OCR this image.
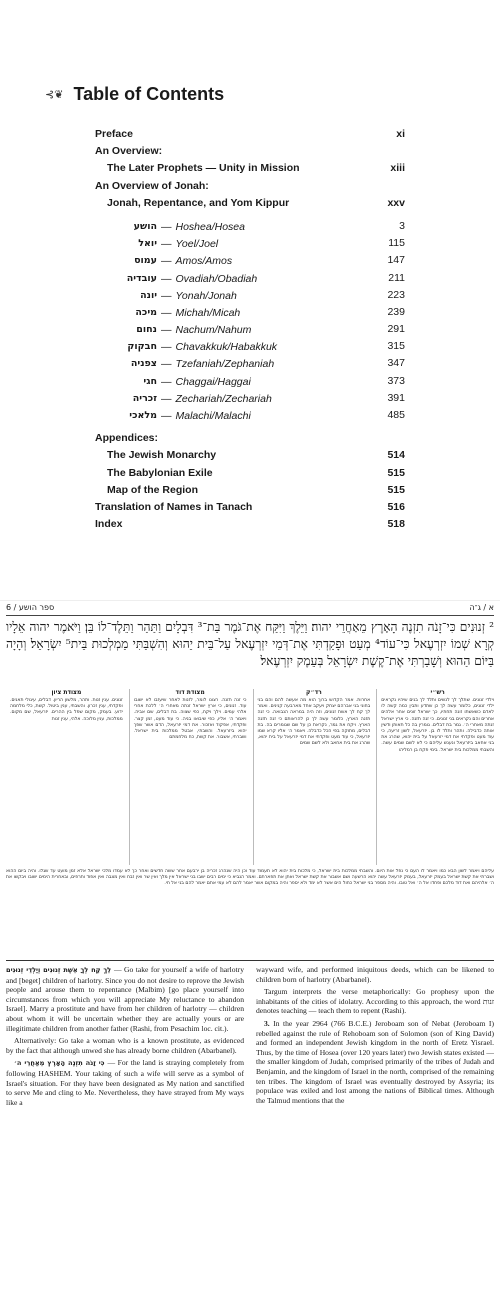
⊰❦ Table of Contents
Preface	xi
An Overview:
The Later Prophets — Unity in Mission	xiii
An Overview of Jonah:
Jonah, Repentance, and Yom Kippur	xxv
הושע — Hoshea/Hosea	3
יואל — Yoel/Joel	115
עמוס — Amos/Amos	147
עובדיה — Ovadiah/Obadiah	211
יונה — Yonah/Jonah	223
מיכה — Michah/Micah	239
נחום — Nachum/Nahum	291
חבקוק — Chavakkuk/Habakkuk	315
צפניה — Tzefaniah/Zephaniah	347
חגי — Chaggai/Haggai	373
זכריה — Zechariah/Zechariah	391
מלאכי — Malachi/Malachi	485
Appendices:
The Jewish Monarchy	514
The Babylonian Exile	515
Map of the Region	515
Translation of Names in Tanach	516
Index	518
6 / ספר הושע	א / ג־ה
² זְנוּנִים כִּי־זָנֹה תִזְנֶה הָאָרֶץ מֵאַחֲרֵי יהוה׃ וַיֵּלֶךְ וַיִּקַּח אֶת־גֹּמֶר בַּת־³ דִּבְלָיִם וַתַּהַר וַתֵּלֶד־לוֹ בֵּן׃ וַיֹּאמֶר יהוה אֵלָיו קְרָא שְׁמוֹ יִזְרְעֶאל כִּי־עוֹד⁴ מְעַט וּפָקַדְתִּי אֶת־דְּמֵי יִזְרְעֶאל עַל־בֵּית יֵהוּא וְהִשְׁבַּתִּי מַמְלְכוּת בֵּית⁵ יִשְׂרָאֵל׃ וְהָיָה בַּיּוֹם הַהוּא וְשָׁבַרְתִּי אֶת־קֶשֶׁת יִשְׂרָאֵל בְּעֵמֶק יִזְרְעֶאל׃
רש״י
וילדי זנונים. שתלך לך לנשים ותלד לך בנים שיהיו נקראים ילדי זנונים, כלומר עשה לך כן שתדע ותבין כמה קשה לו לאדם כשאשתו זונה תחתיו, כך ישראל זונים אחר אלהים אחרים והם נקראים בני זנונים. כי זנה תזנה. כי ארץ ישראל זנתה מאחרי ה׳. גמר בת דבלים. גומרין בה כל תאותן ודשין אותה כדבילה. ותהר ותלד לו בן. יזרעאל, לשון זריעה, כי עוד מעט ופקדתי את דמי יזרעאל על בית יהוא, שהרג את בני אחאב ביזרעאל ונענש עליהם כי לא לשם שמים עשה. והשבתי ממלכות בית ישראל. בימי פקח בן רמליהו
רד״ק
אחרות. אמר הקדוש ברוך הוא מה אעשה להם והם בני בחוני בני אברהם יצחק ויעקב אחד מארבעה קנינים. ואמר לך קח לך אשת זנונים, וזה היה במראה הנבואה. כי זנה תזנה הארץ, כלומר עשה לך כן להראותם כי זנה תזנה הארץ. ויקח את גמר, נקראת כן על שם שגומרים בה. בת דבלים, מתוקה בפי הכל כדבלה. ויאמר ה׳ אליו קרא שמו יזרעאל, כי עוד מעט ופקדתי את דמי יזרעאל על בית יהוא, שהרג את בית אחאב ולא לשם שמים
מצודת דוד
כי זנה תזנה. רצונו לומר, לזנות לאחר שיעזבו לא ישובו עוד. זנונים, כי ארץ ישראל זנתה מאחרי ה׳ ללכת אחרי אלהי עמים. וילך ויקח, כפי שצוה. בת דבלים, שם אביה. ויאמר ה׳ אליו, כפי שיבואו בניה. כי עוד מעט, זמן קצר. ופקדתי, אפקוד ואזכור. את דמי יזרעאל, הדם אשר שפך יהוא ביזרעאל. והשבתי, אבטל ממלכות בית ישראל. ושברתי, אשבור. את קשת, כח מלחמתם
מצודת ציון
זנונים. ענין זנות. ותהר, מלשון הריון. דבלים, עיגולי תאנים. ופקדתי, ענין זכרון. והשבתי, ענין ביטול. קשת, כלי מלחמה ידוע. בעמק, מקום שפל בין ההרים. יזרעאל, שם מקום. ממלכות, ענין מלוכה. אלהי, ענין זנות
עליהם ויאמר לשון הבא כמו ויאמר לו העם כי נפל אות היום. והשבתי ממלכות בית ישראל, כי מלכות בית יהוא לא תעמוד עוד וכן היה שנהרג זכריה בן ירבעם אחר ששה חדשים ואחר כך לא עמדו מלכי ישראל אלא זמן מועט עד שגלו. והיה ביום ההוא ושברתי את קשת ישראל בעמק יזרעאל, בעמק יזרעאל עשה יהוא הרשעה ושם אשבור את קשת ישראל ואתן את תפארתם. ואמר הנביא כי ימים רבים ישבו בני ישראל אין מלך ואין שר ואין זבח ואין מצבה ואין אפוד ותרפים, ובאחרית הימים ישובו ויבקשו את ה׳ אלהיהם ואת דוד מלכם ופחדו אל ה׳ ואל טובו. והיה מספר בני ישראל כחול הים אשר לא ימד ולא יספר והיה במקום אשר יאמר להם לא עמי אתם יאמר להם בני אל חי.

לֵךְ קַח לְךָ אֵשֶׁת זְנוּנִים וְיַלְדֵי זְנוּנִים — Go take for yourself a wife of harlotry and [beget] children of harlotry. Since you do not desire to reprove the Jewish people and arouse them to repentance (Malbim) [go place yourself into circumstances from which you will appreciate My reluctance to abandon Israel]. Marry a prostitute and have from her children of harlotry — children about whom it will be uncertain whether they are actually yours or are illegitimate children from another father (Rashi, from Pesachim loc. cit.).

Alternatively: Go take a woman who is a known prostitute, as evidenced by the fact that although unwed she has already borne children (Abarbanel).

כִּי זָנֹה תִזְנֶה הָאָרֶץ מֵאַחֲרֵי ה׳ — For the land is straying completely from following HASHEM. Your taking of such a wife will serve as a symbol of Israel's situation. For they have been designated as My nation and sanctified to serve Me and cling to Me. Nevertheless, they have strayed from My ways like a

wayward wife, and performed iniquitous deeds, which can be likened to children born of harlotry (Abarbanel).

Targum interprets the verse metaphorically: Go prophesy upon the inhabitants of the cities of idolatry. According to this approach, the word זנות denotes teaching — teach them to repent (Rashi).

3. In the year 2964 (766 B.C.E.) Jeroboam son of Nebat (Jeroboam I) rebelled against the rule of Rehoboam son of Solomon (son of King David) and formed an independent Jewish kingdom in the north of Eretz Yisrael. Thus, by the time of Hosea (over 120 years later) two Jewish states existed — the smaller kingdom of Judah, comprised primarily of the tribes of Judah and Benjamin, and the kingdom of Israel in the north, comprised of the remaining ten tribes. The kingdom of Israel was eventually destroyed by Assyria; its populace was exiled and lost among the nations of Biblical times. Although the Talmud mentions that the
